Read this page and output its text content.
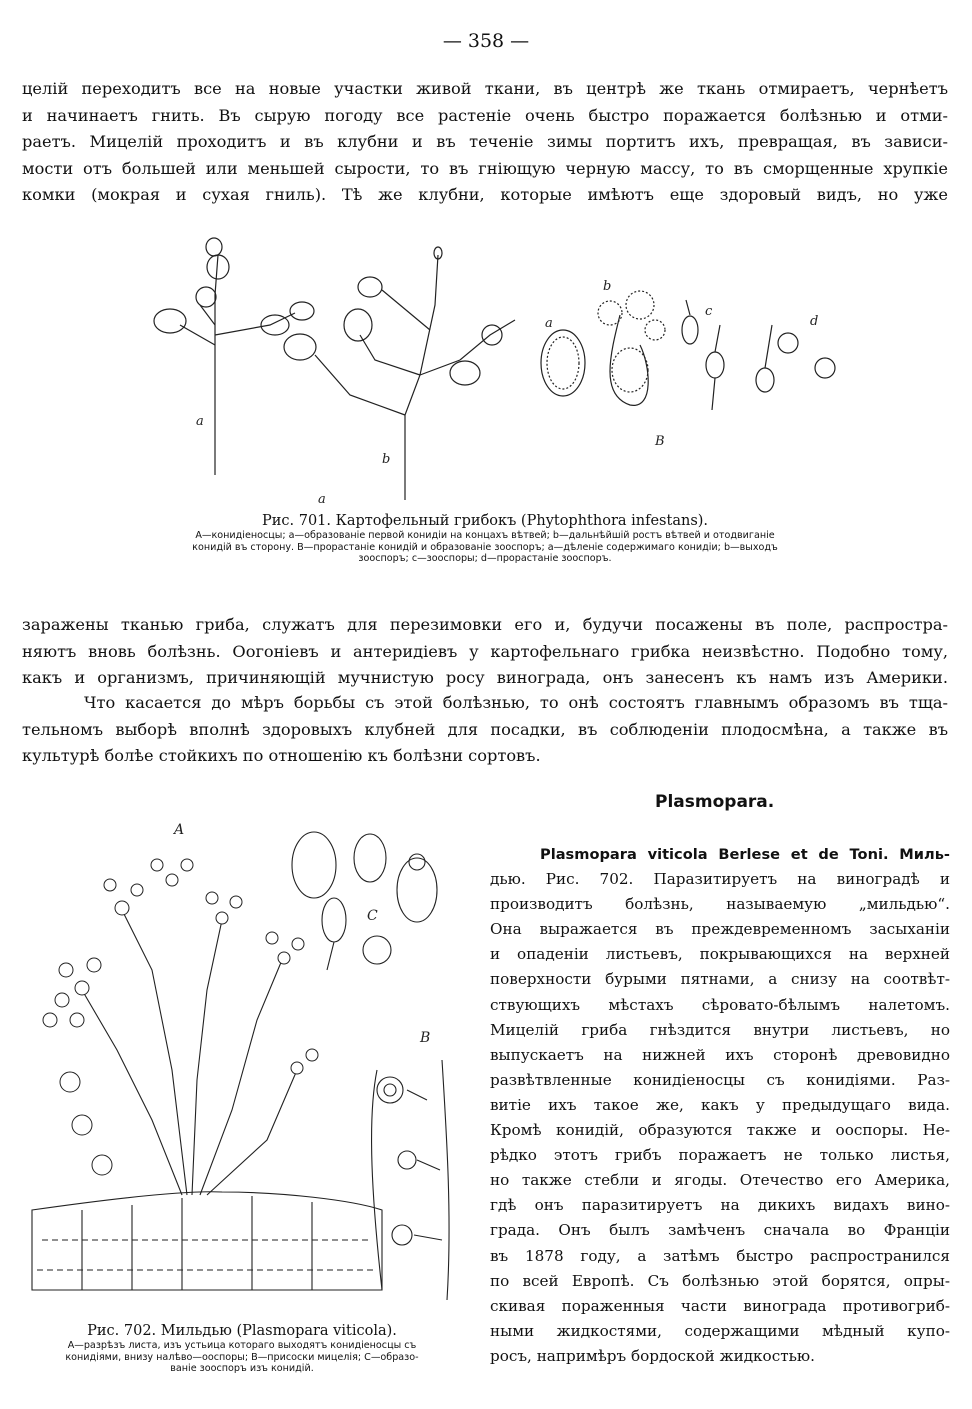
— 358 —
целій переходитъ все на новые участки живой ткани, въ центрѣ же ткань отмираетъ, чернѣетъ
и начинаетъ гнить. Въ сырую погоду все растеніе очень быстро поражается болѣзнью и отми-
раетъ. Мицелій проходитъ и въ клубни и въ теченіе зимы портитъ ихъ, превращая, въ зависи-
мости отъ большей или меньшей сырости, то въ гніющую черную массу, то въ сморщенные хрупкіе
комки (мокрая и сухая гниль). Тѣ же клубни, которые имѣютъ еще здоровый видъ, но уже
a
b
a
b
c
d
B
a
Рис. 701. Картофельный грибокъ (Phytophthora infestans).
А—конидіеносцы; а—образованіе первой конидіи на концахъ вѣтвей; b—дальнѣйшій ростъ вѣтвей и отодвиганіе
конидій въ сторону. В—прорастаніе конидій и образованіе зооспоръ; а—дѣленіе содержимаго конидіи; b—выходъ
зооспоръ; с—зооспоры; d—прорастаніе зооспоръ.
заражены тканью гриба, служатъ для перезимовки его и, будучи посажены въ поле, распростра-
няютъ вновь болѣзнь. Оогоніевъ и антеридіевъ у картофельнаго грибка неизвѣстно. Подобно тому,
какъ и организмъ, причиняющій мучнистую росу винограда, онъ занесенъ къ намъ изъ Америки.
Что касается до мѣръ борьбы съ этой болѣзнью, то онѣ состоятъ главнымъ образомъ въ тща-
тельномъ выборѣ вполнѣ здоровыхъ клубней для посадки, въ соблюденіи плодосмѣна, а также въ
культурѣ болѣе стойкихъ по отношенію къ болѣзни сортовъ.
A
C
B
Рис. 702. Мильдью (Plasmopara viticola).
А—разрѣзъ листа, изъ устьица котораго выходятъ конидіеносцы съ
конидіями, внизу налѣво—ооспоры; В—присоски мицелія; С—образо-
ваніе зооспоръ изъ конидій.
Plasmopara.
Plasmopara viticola Berlese et de Toni. Миль-
дью. Рис. 702. Паразитируетъ на виноградѣ и
производитъ болѣзнь, называемую „мильдью“.
Она выражается въ преждевременномъ засыханіи
и опаденіи листьевъ, покрывающихся на верхней
поверхности бурыми пятнами, а снизу на соотвѣт-
ствующихъ мѣстахъ сѣровато-бѣлымъ налетомъ.
Мицелій гриба гнѣздится внутри листьевъ, но
выпускаетъ на нижней ихъ сторонѣ древовидно
развѣтвленные конидіеносцы съ конидіями. Раз-
витіе ихъ такое же, какъ у предыдущаго вида.
Кромѣ конидій, образуются также и ооспоры. Не-
рѣдко этотъ грибъ поражаетъ не только листья,
но также стебли и ягоды. Отечество его Америка,
гдѣ онъ паразитируетъ на дикихъ видахъ вино-
града. Онъ былъ замѣченъ сначала во Франціи
въ 1878 году, а затѣмъ быстро распространился
по всей Европѣ. Съ болѣзнью этой борятся, опры-
скивая пораженныя части винограда противогриб-
ными жидкостями, содержащими мѣдный купо-
росъ, напримѣръ бордоской жидкостью.
